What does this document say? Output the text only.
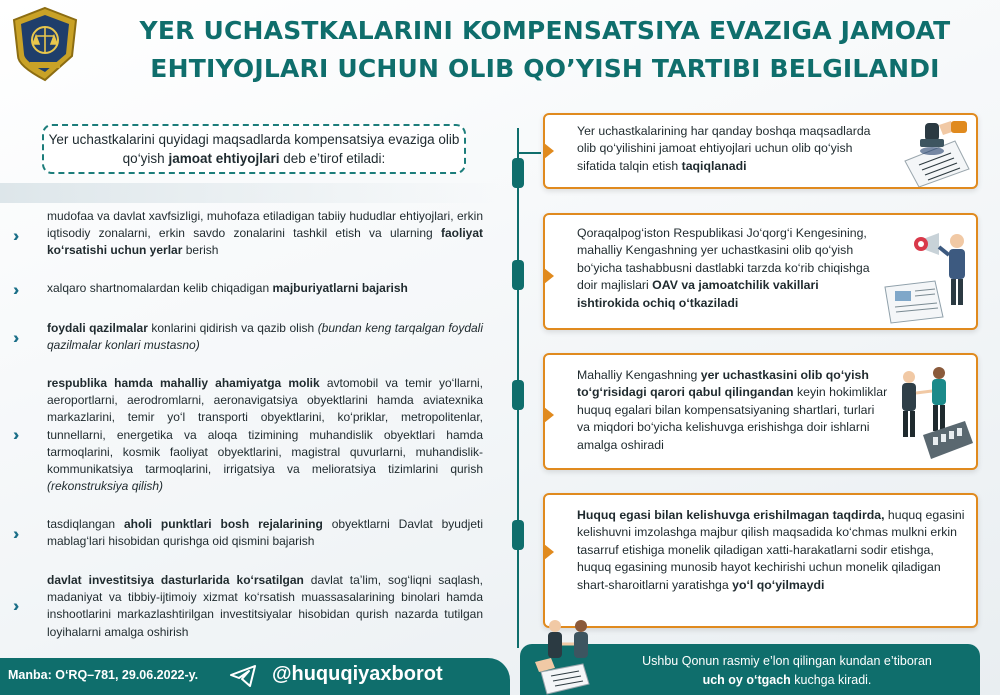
YER UCHASTKALARINI KOMPENSATSIYA EVAZIGA JAMOAT EHTIYOJLARI UCHUN OLIB QO’YISH TARTIBI BELGILANDI
Yer uchastkalarini quyidagi maqsadlarda kompensatsiya evaziga olib qo‘yish jamoat ehtiyojlari deb e’tirof etiladi:
››
mudofaa va davlat xavfsizligi, muhofaza etiladigan tabiiy hududlar ehtiyojlari, erkin iqtisodiy zonalarni, erkin savdo zonalarini tashkil etish va ularning faoliyat ko‘rsatishi uchun yerlar berish
››	xalqaro shartnomalardan kelib chiqadigan majburiyatlarni bajarish
››	foydali qazilmalar konlarini qidirish va qazib olish (bundan keng tarqalgan foydali qazilmalar konlari mustasno)
››
respublika hamda mahalliy ahamiyatga molik avtomobil va temir yo‘llarni, aeroportlarni, aerodromlarni, aeronavigatsiya obyektlarini hamda aviatexnika markazlarini, temir yo‘l transporti obyektlarini, ko‘priklar, metropolitenlar, tunnellarni, energetika va aloqa tizimining muhandislik obyektlari hamda tarmoqlarini, kosmik faoliyat obyektlarini, magistral quvurlarni, muhandislik-kommunikatsiya tarmoqlarini, irrigatsiya va melioratsiya tizimlarini qurish (rekonstruksiya qilish)
››	tasdiqlangan aholi punktlari bosh rejalarining obyektlarni Davlat byudjeti mablag‘lari hisobidan qurishga oid qismini bajarish
››
davlat investitsiya dasturlarida ko‘rsatilgan davlat ta’lim, sog‘liqni saqlash, madaniyat va tibbiy-ijtimoiy xizmat ko‘rsatish muassasalarining binolari hamda inshootlarini markazlashtirilgan investitsiyalar hisobidan qurish nazarda tutilgan loyihalarni amalga oshirish
Yer uchastkalarining har qanday boshqa maqsadlarda olib qo‘yilishini jamoat ehtiyojlari uchun olib qo‘yish sifatida talqin etish taqiqlanadi
Qoraqalpog‘iston Respublikasi Jo‘qorg‘i Kengesining, mahalliy Kengashning yer uchastkasini olib qo‘yish bo‘yicha tashabbusni dastlabki tarzda ko‘rib chiqishga doir majlislari OAV va jamoatchilik vakillari ishtirokida ochiq o‘tkaziladi
Mahalliy Kengashning yer uchastkasini olib qo‘yish to‘g‘risidagi qarori qabul qilingandan keyin hokimliklar huquq egalari bilan kompensatsiyaning shartlari, turlari va miqdori bo‘yicha kelishuvga erishishga doir ishlarni amalga oshiradi
Huquq egasi bilan kelishuvga erishilmagan taqdirda, huquq egasini kelishuvni imzolashga majbur qilish maqsadida ko‘chmas mulkni erkin tasarruf etishiga monelik qiladigan xatti-harakatlarni sodir etishga, huquq egasining munosib hayot kechirishi uchun monelik qiladigan shart-sharoitlarni yaratishga yo‘l qo‘yilmaydi
Manba: O‘RQ–781, 29.06.2022-y.	@huquqiyaxborot
Ushbu Qonun rasmiy e’lon qilingan kundan e’tiboran
uch oy o‘tgach kuchga kiradi.
